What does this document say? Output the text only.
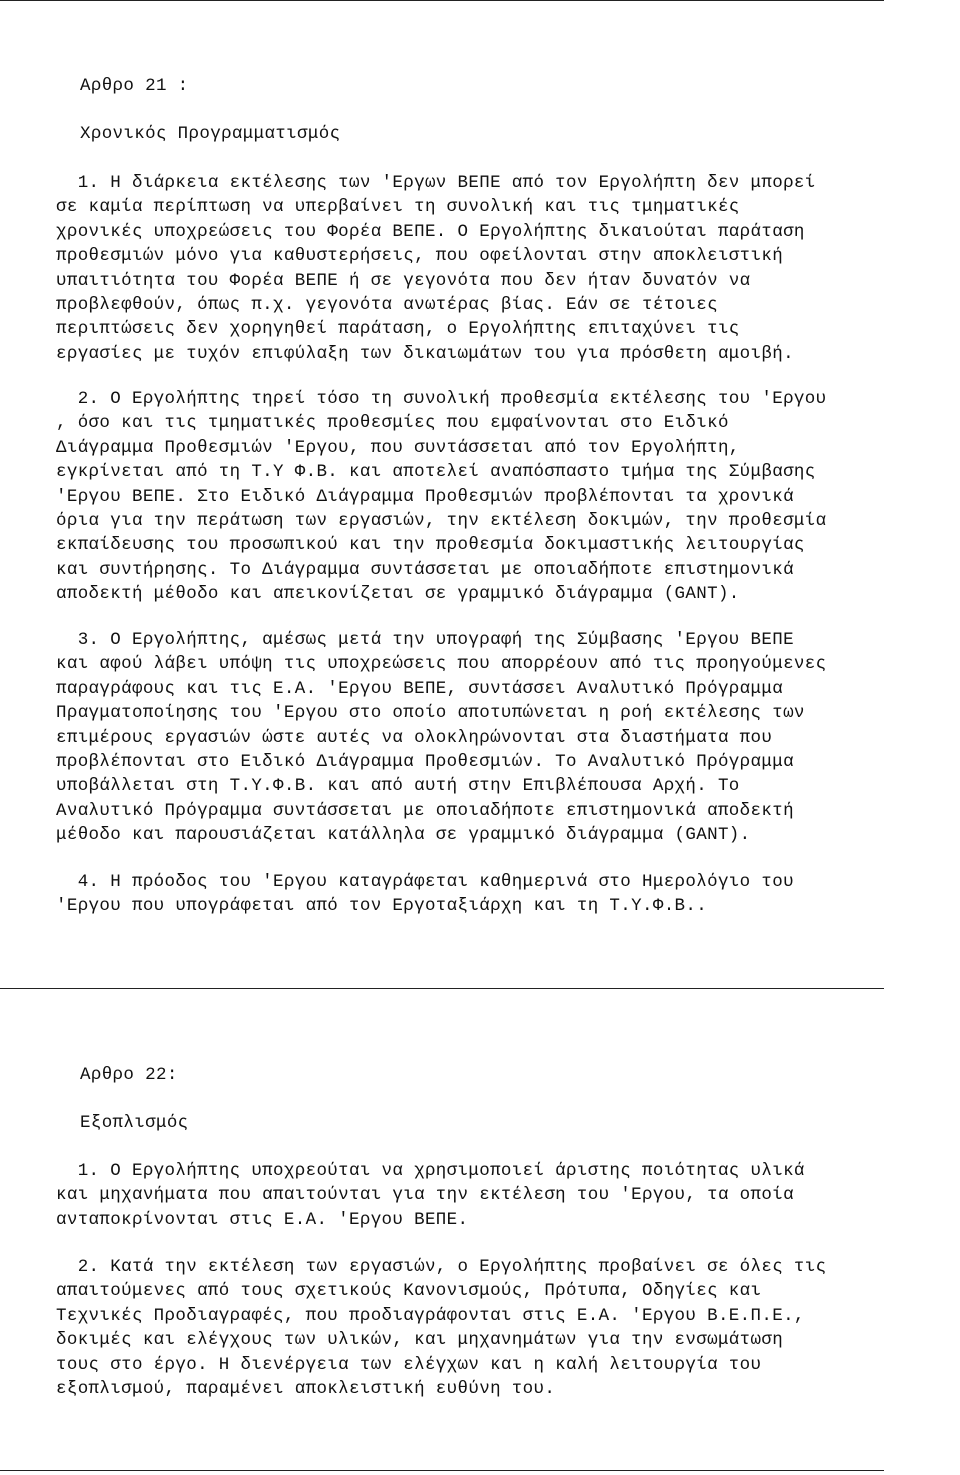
Αρθρο 21 :
Χρονικός Προγραμματισμός
1. Η διάρκεια εκτέλεσης των 'Εργων ΒΕΠΕ από τον Εργολήπτη δεν μπορεί
σε καμία περίπτωση να υπερβαίνει τη συνολική και τις τμηματικές
χρονικές υποχρεώσεις του Φορέα ΒΕΠΕ. Ο Εργολήπτης δικαιούται παράταση
προθεσμιών μόνο για καθυστερήσεις, που οφείλονται στην αποκλειστική
υπαιτιότητα του Φορέα ΒΕΠΕ ή σε γεγονότα που δεν ήταν δυνατόν να
προβλεφθούν, όπως π.χ. γεγονότα ανωτέρας βίας. Εάν σε τέτοιες
περιπτώσεις δεν χορηγηθεί παράταση, ο Εργολήπτης επιταχύνει τις
εργασίες με τυχόν επιφύλαξη των δικαιωμάτων του για πρόσθετη αμοιβή.
2. Ο Εργολήπτης τηρεί τόσο τη συνολική προθεσμία εκτέλεσης του 'Εργου
, όσο και τις τμηματικές προθεσμίες που εμφαίνονται στο Ειδικό
Διάγραμμα Προθεσμιών 'Εργου, που συντάσσεται από τον Εργολήπτη,
εγκρίνεται από τη Τ.Υ Φ.Β. και αποτελεί αναπόσπαστο τμήμα της Σύμβασης
'Εργου ΒΕΠΕ. Στο Ειδικό Διάγραμμα Προθεσμιών προβλέπονται τα χρονικά
όρια για την περάτωση των εργασιών, την εκτέλεση δοκιμών, την προθεσμία
εκπαίδευσης του προσωπικού και την προθεσμία δοκιμαστικής λειτουργίας
και συντήρησης. Το Διάγραμμα συντάσσεται με οποιαδήποτε επιστημονικά
αποδεκτή μέθοδο και απεικονίζεται σε γραμμικό διάγραμμα (GANT).
3. Ο Εργολήπτης, αμέσως μετά την υπογραφή της Σύμβασης 'Εργου ΒΕΠΕ
και αφού λάβει υπόψη τις υποχρεώσεις που απορρέουν από τις προηγούμενες
παραγράφους και τις Ε.Α. 'Εργου ΒΕΠΕ, συντάσσει Αναλυτικό Πρόγραμμα
Πραγματοποίησης του 'Εργου στο οποίο αποτυπώνεται η ροή εκτέλεσης των
επιμέρους εργασιών ώστε αυτές να ολοκληρώνονται στα διαστήματα που
προβλέπονται στο Ειδικό Διάγραμμα Προθεσμιών. Το Αναλυτικό Πρόγραμμα
υποβάλλεται στη Τ.Υ.Φ.Β. και από αυτή στην Επιβλέπουσα Αρχή. Το
Αναλυτικό Πρόγραμμα συντάσσεται με οποιαδήποτε επιστημονικά αποδεκτή
μέθοδο και παρουσιάζεται κατάλληλα σε γραμμικό διάγραμμα (GANT).
4. Η πρόοδος του 'Εργου καταγράφεται καθημερινά στο Ημερολόγιο του
'Εργου που υπογράφεται από τον Εργοταξιάρχη και τη Τ.Υ.Φ.Β..
Αρθρο 22:
Εξοπλισμός
1. Ο Εργολήπτης υποχρεούται να χρησιμοποιεί άριστης ποιότητας υλικά
και μηχανήματα που απαιτούνται για την εκτέλεση του 'Εργου, τα οποία
ανταποκρίνονται στις Ε.Α. 'Εργου ΒΕΠΕ.
2. Κατά την εκτέλεση των εργασιών, ο Εργολήπτης προβαίνει σε όλες τις
απαιτούμενες από τους σχετικούς Κανονισμούς, Πρότυπα, Οδηγίες και
Τεχνικές Προδιαγραφές, που προδιαγράφονται στις Ε.Α. 'Εργου Β.Ε.Π.Ε.,
δοκιμές και ελέγχους των υλικών, και μηχανημάτων για την ενσωμάτωση
τους στο έργο. Η διενέργεια των ελέγχων και η καλή λειτουργία του
εξοπλισμού, παραμένει αποκλειστική ευθύνη του.
